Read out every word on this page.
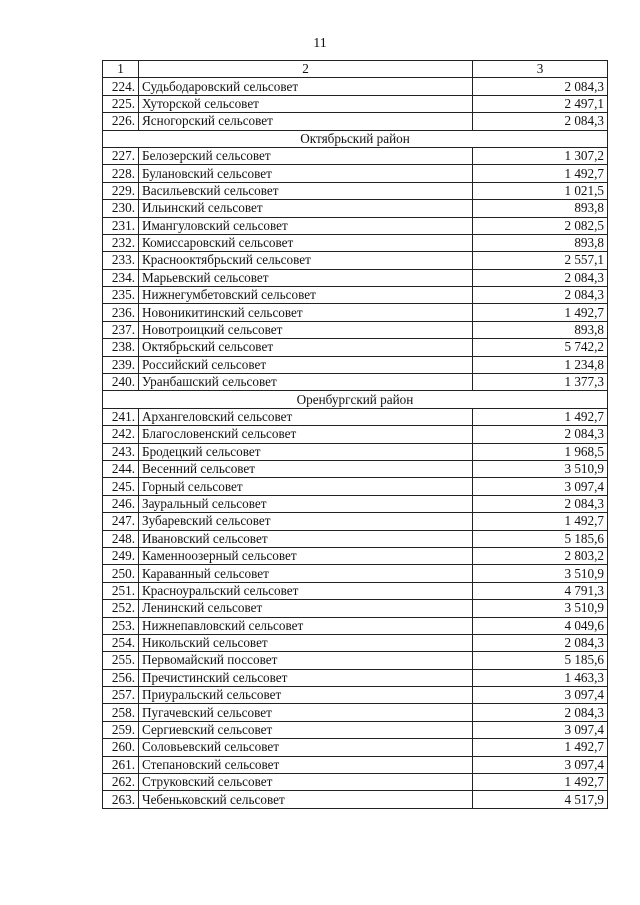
11
1	2	3
224.	Судьбодаровский сельсовет	2 084,3
225.	Хуторской сельсовет	2 497,1
226.	Ясногорский сельсовет	2 084,3
Октябрьский район		
227.	Белозерский сельсовет	1 307,2
228.	Булановский сельсовет	1 492,7
229.	Васильевский сельсовет	1 021,5
230.	Ильинский сельсовет	893,8
231.	Имангуловский сельсовет	2 082,5
232.	Комиссаровский сельсовет	893,8
233.	Краснооктябрьский сельсовет	2 557,1
234.	Марьевский сельсовет	2 084,3
235.	Нижнегумбетовский сельсовет	2 084,3
236.	Новоникитинский сельсовет	1 492,7
237.	Новотроицкий сельсовет	893,8
238.	Октябрьский сельсовет	5 742,2
239.	Российский сельсовет	1 234,8
240.	Уранбашский сельсовет	1 377,3
Оренбургский район		
241.	Архангеловский сельсовет	1 492,7
242.	Благословенский сельсовет	2 084,3
243.	Бродецкий сельсовет	1 968,5
244.	Весенний сельсовет	3 510,9
245.	Горный сельсовет	3 097,4
246.	Зауральный сельсовет	2 084,3
247.	Зубаревский сельсовет	1 492,7
248.	Ивановский сельсовет	5 185,6
249.	Каменноозерный сельсовет	2 803,2
250.	Караванный сельсовет	3 510,9
251.	Красноуральский сельсовет	4 791,3
252.	Ленинский сельсовет	3 510,9
253.	Нижнепавловский сельсовет	4 049,6
254.	Никольский сельсовет	2 084,3
255.	Первомайский поссовет	5 185,6
256.	Пречистинский сельсовет	1 463,3
257.	Приуральский сельсовет	3 097,4
258.	Пугачевский сельсовет	2 084,3
259.	Сергиевский сельсовет	3 097,4
260.	Соловьевский сельсовет	1 492,7
261.	Степановский сельсовет	3 097,4
262.	Струковский сельсовет	1 492,7
263.	Чебеньковский сельсовет	4 517,9
